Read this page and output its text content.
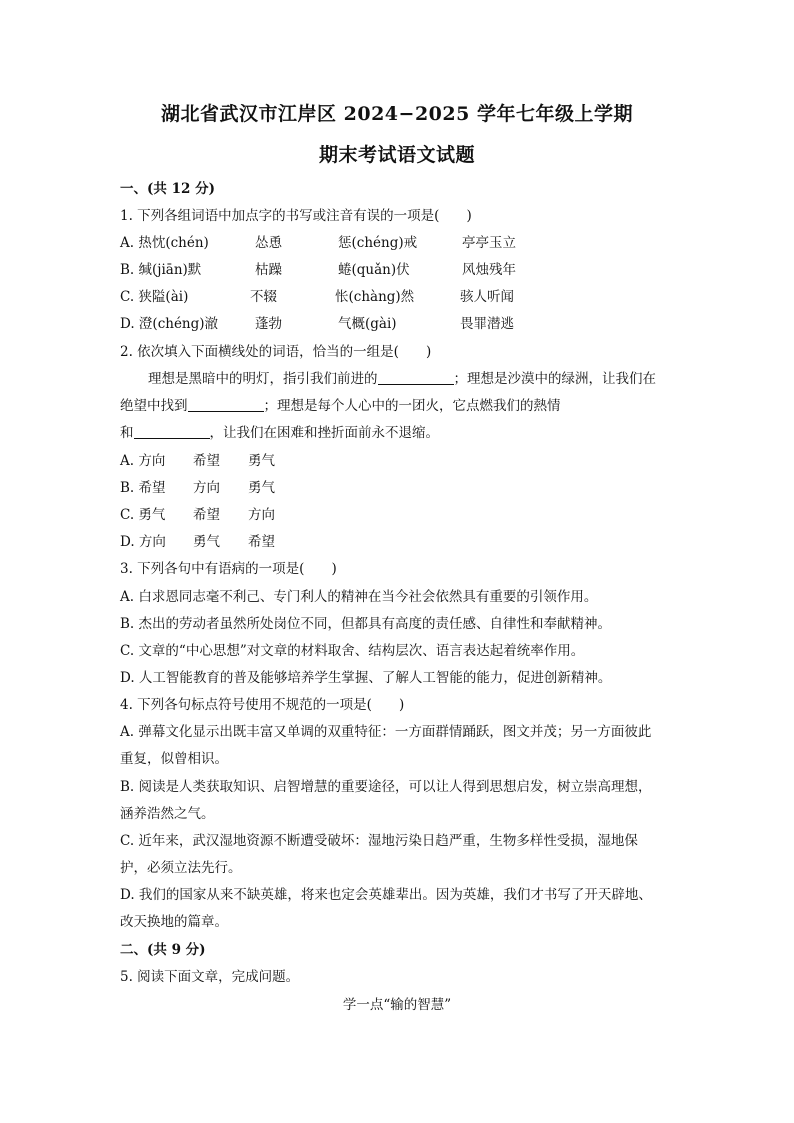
湖北省武汉市江岸区 2024−2025 学年七年级上学期
期末考试语文试题
一、(共 12 分)
1. 下列各组词语中加点字的书写或注音有误的一项是(　　)
A. 热忱(chén)	怂恿	惩(chéng)戒	亭亭玉立
B. 缄(jiān)默	枯躁	蜷(quǎn)伏	风烛残年
C. 狭隘(ài)	不辍	怅(chàng)然	骇人听闻
D. 澄(chéng)澈	蓬勃	气概(gài)	畏罪潜逃
2. 依次填入下面横线处的词语，恰当的一组是(　　)
理想是黑暗中的明灯，指引我们前进的	；理想是沙漠中的绿洲，让我们在
绝望中找到	；理想是每个人心中的一团火，它点燃我们的熱情
和	，让我们在困难和挫折面前永不退缩。
A. 方向 希望 勇气
B. 希望 方向 勇气
C. 勇气 希望 方向
D. 方向 勇气 希望
3. 下列各句中有语病的一项是(　　)
A. 白求恩同志毫不利己、专门利人的精神在当今社会依然具有重要的引领作用。
B. 杰出的劳动者虽然所处岗位不同，但都具有高度的责任感、自律性和奉献精神。
C. 文章的“中心思想”对文章的材料取舍、结构层次、语言表达起着统率作用。
D. 人工智能教育的普及能够培养学生掌握、了解人工智能的能力，促进创新精神。
4. 下列各句标点符号使用不规范的一项是(　　)
A. 弹幕文化显示出既丰富又单调的双重特征：一方面群情踊跃，图文并茂；另一方面彼此
重复，似曾相识。
B. 阅读是人类获取知识、启智增慧的重要途径，可以让人得到思想启发，树立崇高理想，
涵养浩然之气。
C. 近年来，武汉湿地资源不断遭受破坏：湿地污染日趋严重，生物多样性受损，湿地保
护，必须立法先行。
D. 我们的国家从来不缺英雄，将来也定会英雄辈出。因为英雄，我们才书写了开天辟地、
改天换地的篇章。
二、(共 9 分)
5. 阅读下面文章，完成问题。
学一点“输的智慧”
